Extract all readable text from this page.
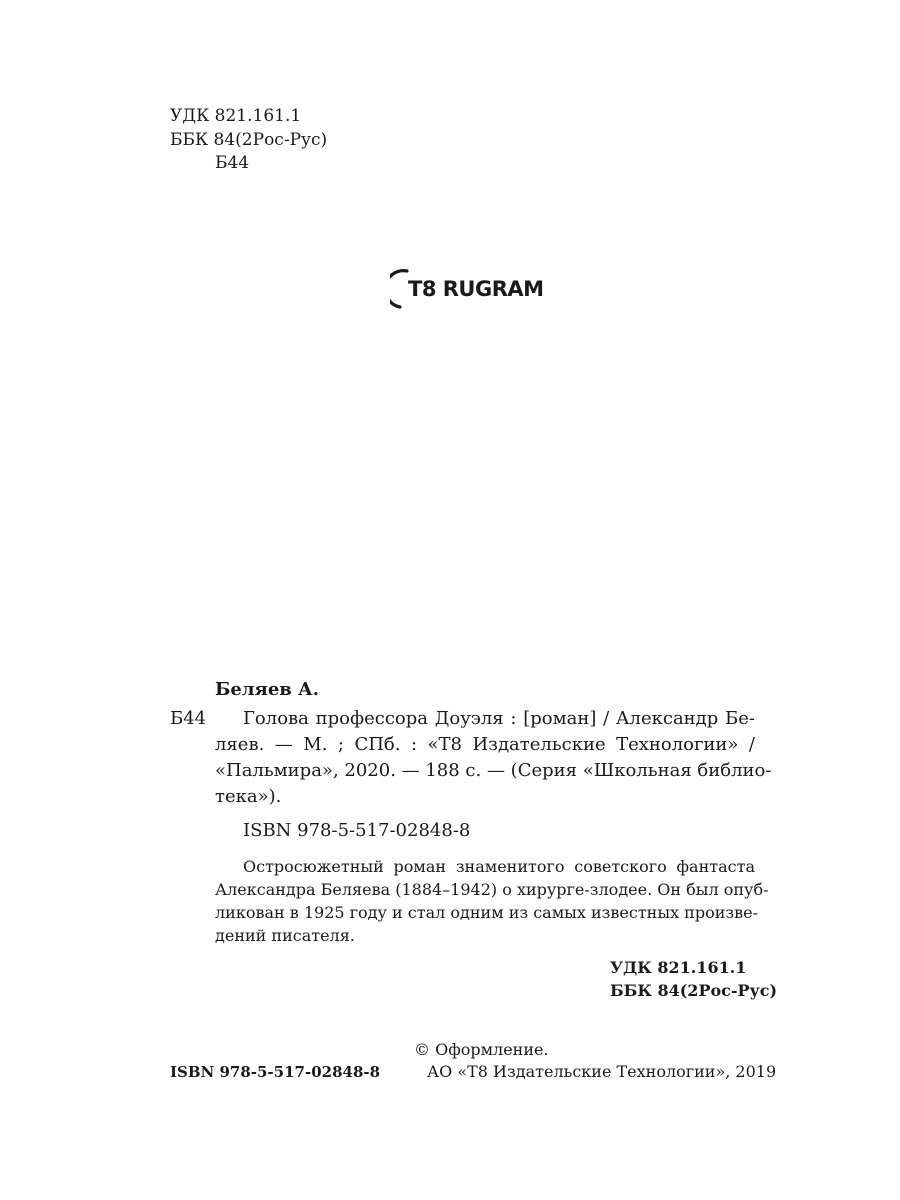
УДК 821.161.1
ББК 84(2Рос-Рус)
Б44
T8 RUGRAM
Беляев А.
Б44 Голова профессора Доуэля : [роман] / Александр Бе-
ляев. — М. ; СПб. : «Т8 Издательские Технологии» /
«Пальмира», 2020. — 188 с. — (Серия «Школьная библио-
тека»).
ISBN 978-5-517-02848-8
Остросюжетный роман знаменитого советского фантаста
Александра Беляева (1884–1942) о хирурге-злодее. Он был опуб-
ликован в 1925 году и стал одним из самых известных произве-
дений писателя.
УДК 821.161.1
ББК 84(2Рос-Рус)
© Оформление.
ISBN 978-5-517-02848-8	АО «Т8 Издательские Технологии», 2019
